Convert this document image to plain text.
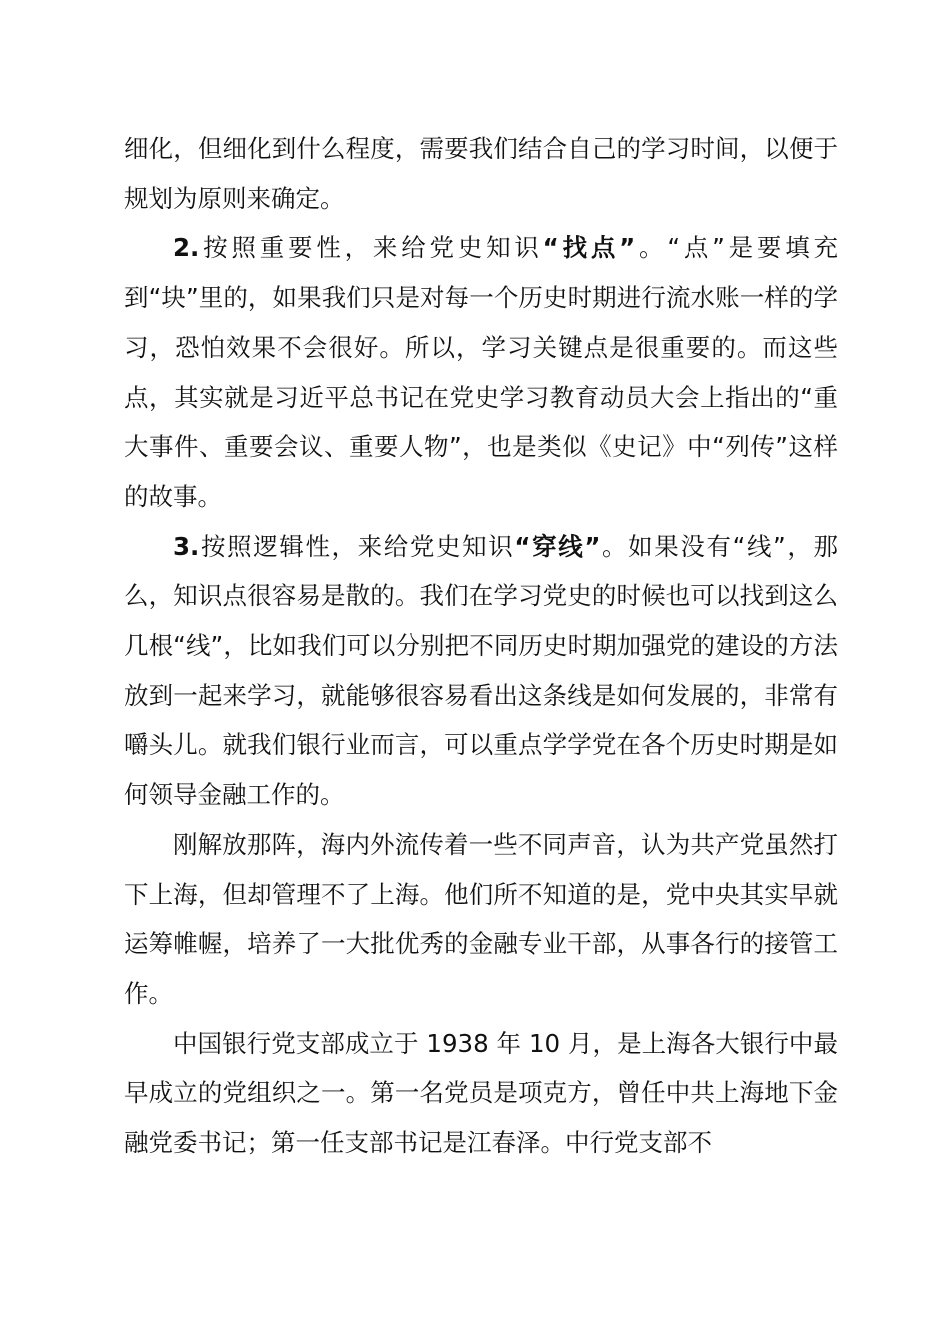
细化，但细化到什么程度，需要我们结合自己的学习时间，以便于规划为原则来确定。

2.按照重要性，来给党史知识“找点”。“点”是要填充到“块”里的，如果我们只是对每一个历史时期进行流水账一样的学习，恐怕效果不会很好。所以，学习关键点是很重要的。而这些点，其实就是习近平总书记在党史学习教育动员大会上指出的“重大事件、重要会议、重要人物”，也是类似《史记》中“列传”这样的故事。

3.按照逻辑性，来给党史知识“穿线”。如果没有“线”，那么，知识点很容易是散的。我们在学习党史的时候也可以找到这么几根“线”，比如我们可以分别把不同历史时期加强党的建设的方法放到一起来学习，就能够很容易看出这条线是如何发展的，非常有嚼头儿。就我们银行业而言，可以重点学学党在各个历史时期是如何领导金融工作的。

刚解放那阵，海内外流传着一些不同声音，认为共产党虽然打下上海，但却管理不了上海。他们所不知道的是，党中央其实早就运筹帷幄，培养了一大批优秀的金融专业干部，从事各行的接管工作。

中国银行党支部成立于 1938 年 10 月，是上海各大银行中最早成立的党组织之一。第一名党员是项克方，曾任中共上海地下金融党委书记；第一任支部书记是江春泽。中行党支部不
